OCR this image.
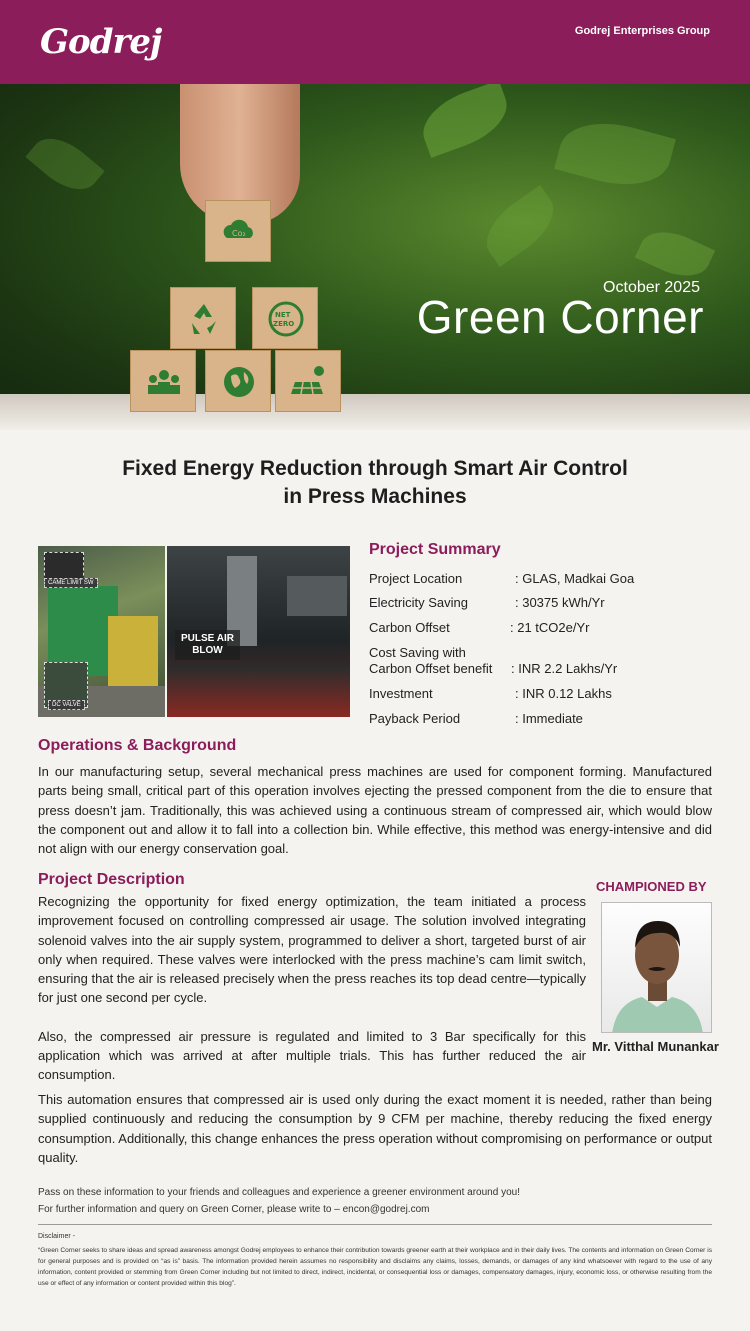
Godrej	Godrej Enterprises Group
Co₂
NET
ZERO
October 2025
Green Corner
Fixed Energy Reduction through Smart Air Control
in Press Machines
CAME LIMIT SW
DC VALVE
PULSE AIR
BLOW
Project Summary
Project Location	: GLAS, Madkai Goa
Electricity Saving	: 30375 kWh/Yr
Carbon Offset	: 21 tCO2e/Yr
Cost Saving with
Carbon Offset benefit	: INR 2.2 Lakhs/Yr
Investment	: INR 0.12 Lakhs
Payback Period	: Immediate
Operations & Background
In our manufacturing setup, several mechanical press machines are used for component forming. Manufactured parts being small, critical part of this operation involves ejecting the pressed component from the die to ensure that press doesn’t jam. Traditionally, this was achieved using a continuous stream of compressed air, which would blow the component out and allow it to fall into a collection bin. While effective, this method was energy-intensive and did not align with our energy conservation goal.
Project Description
Recognizing the opportunity for fixed energy optimization, the team initiated a process improvement focused on controlling compressed air usage. The solution involved integrating solenoid valves into the air supply system, programmed to deliver a short, targeted burst of air only when required. These valves were interlocked with the press machine’s cam limit switch, ensuring that the air is released precisely when the press reaches its top dead centre—typically for just one second per cycle.
Also, the compressed air pressure is regulated and limited to 3 Bar specifically for this application which was arrived at after multiple trials. This has further reduced the air consumption.
CHAMPIONED BY
Mr. Vitthal Munankar
This automation ensures that compressed air is used only during the exact moment it is needed, rather than being supplied continuously and reducing the consumption by 9 CFM per machine, thereby reducing the fixed energy consumption. Additionally, this change enhances the press operation without compromising on performance or output quality.
Pass on these information to your friends and colleagues and experience a greener environment around you!
For further information and query on Green Corner, please write to – encon@godrej.com
Disclaimer -
“Green Corner seeks to share ideas and spread awareness amongst Godrej employees to enhance their contribution towards greener earth at their workplace and in their daily lives. The contents and information on Green Corner is for general purposes and is provided on “as is” basis. The information provided herein assumes no responsibility and disclaims any claims, losses, demands, or damages of any kind whatsoever with regard to the use of any information, content provided or stemming from Green Corner including but not limited to direct, indirect, incidental, or consequential loss or damages, compensatory damages, injury, economic loss, or otherwise resulting from the use or effect of any information or content provided within this blog”.
